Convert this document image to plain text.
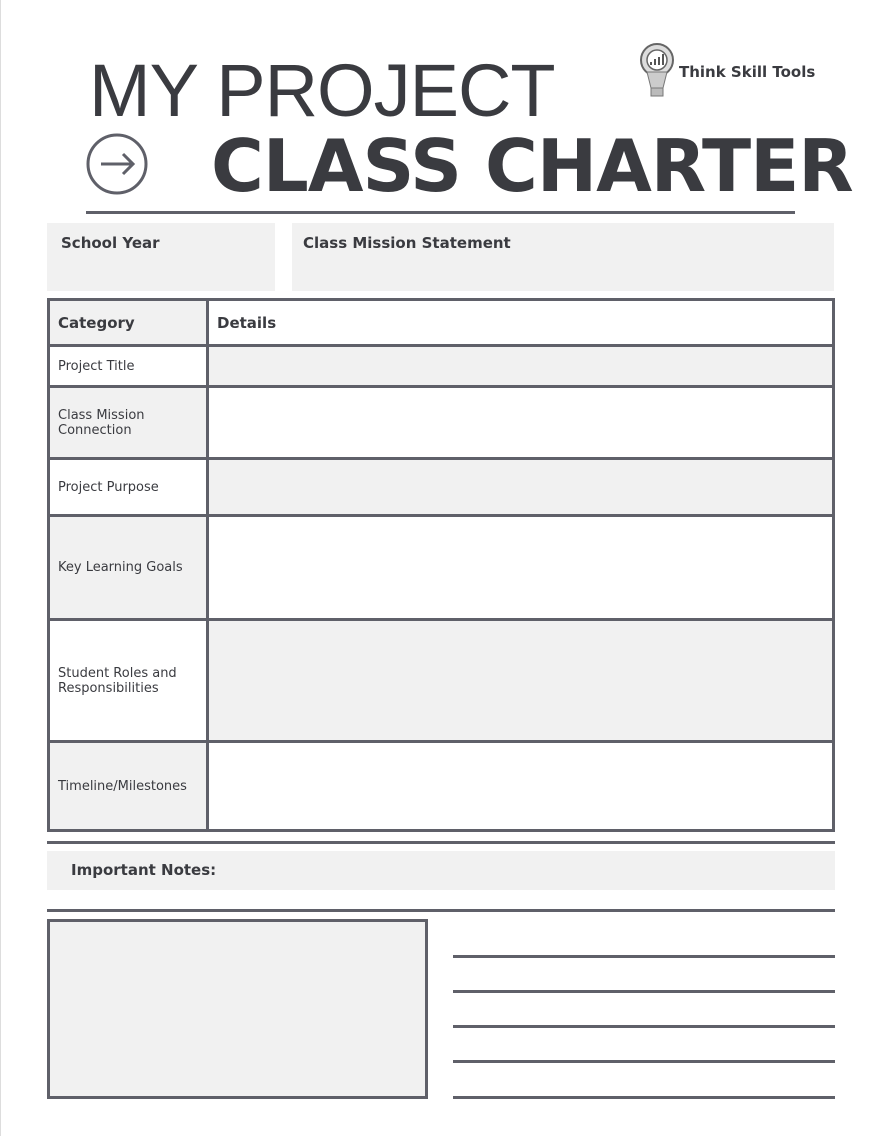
MY PROJECT
CLASS CHARTER
Think Skill Tools
School Year	Class Mission Statement
Category	Details
Project Title	
Class Mission Connection	
Project Purpose	
Key Learning Goals	
Student Roles and Responsibilities	
Timeline/Milestones	
Important Notes:
